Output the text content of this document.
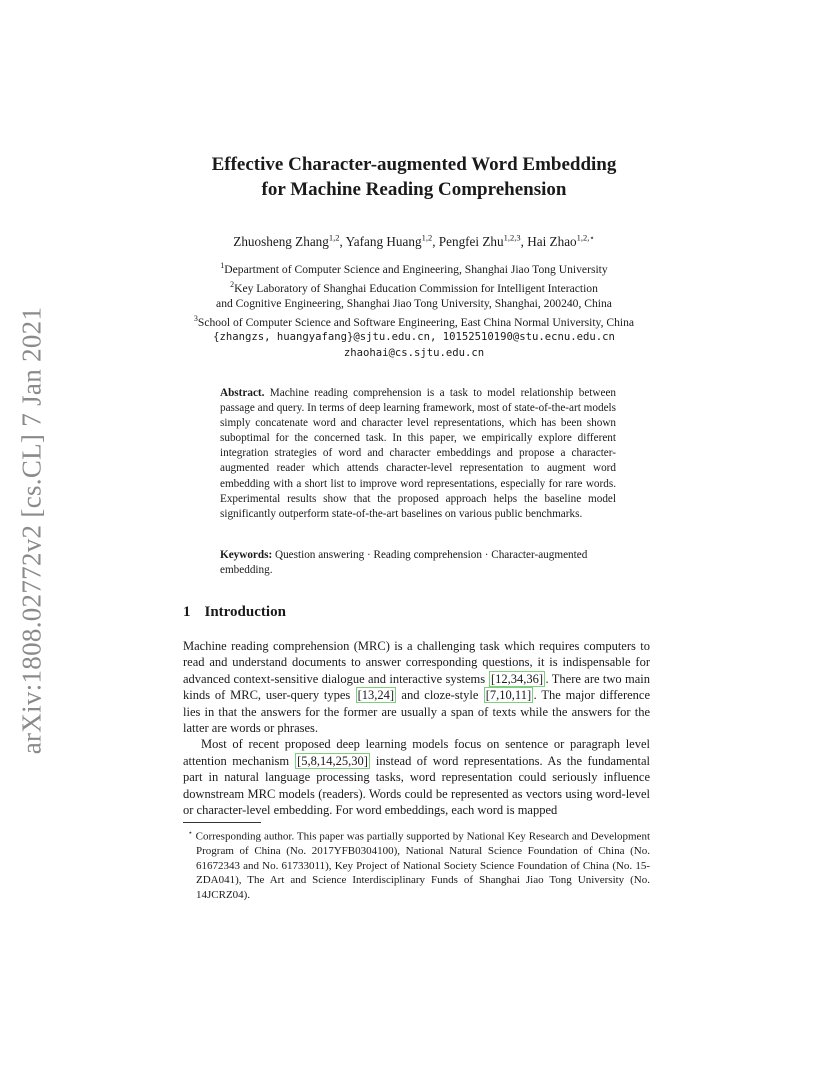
arXiv:1808.02772v2 [cs.CL] 7 Jan 2021
Effective Character-augmented Word Embedding
for Machine Reading Comprehension
Zhuosheng Zhang$^{1,2}$, Yafang Huang$^{1,2}$, Pengfei Zhu$^{1,2,3}$, Hai Zhao$^{1,2,⋆}$
$^1$Department of Computer Science and Engineering, Shanghai Jiao Tong University
$^2$Key Laboratory of Shanghai Education Commission for Intelligent Interaction
and Cognitive Engineering, Shanghai Jiao Tong University, Shanghai, 200240, China
$^3$School of Computer Science and Software Engineering, East China Normal University, China
{zhangzs, huangyafang}@sjtu.edu.cn, 10152510190@stu.ecnu.edu.cn
zhaohai@cs.sjtu.edu.cn
Abstract. Machine reading comprehension is a task to model relationship between passage and query. In terms of deep learning framework, most of state-of-the-art models simply concatenate word and character level representations, which has been shown suboptimal for the concerned task. In this paper, we empirically explore different integration strategies of word and character embeddings and propose a character-augmented reader which attends character-level representation to augment word embedding with a short list to improve word representations, especially for rare words. Experimental results show that the proposed approach helps the baseline model significantly outperform state-of-the-art baselines on various public benchmarks.
Keywords: Question answering · Reading comprehension · Character-augmented embedding.
1 Introduction

Machine reading comprehension (MRC) is a challenging task which requires computers to read and understand documents to answer corresponding questions, it is indispensable for advanced context-sensitive dialogue and interactive systems [12,34,36] . There are two main kinds of MRC, user-query types [13,24] and cloze-style [7,10,11] . The major difference lies in that the answers for the former are usually a span of texts while the answers for the latter are words or phrases.

Most of recent proposed deep learning models focus on sentence or paragraph level attention mechanism [5,8,14,25,30] instead of word representations. As the fundamental part in natural language processing tasks, word representation could seriously influence downstream MRC models (readers). Words could be represented as vectors using word-level or character-level embedding. For word embeddings, each word is mapped

⋆ Corresponding author. This paper was partially supported by National Key Research and Development Program of China (No. 2017YFB0304100), National Natural Science Foundation of China (No. 61672343 and No. 61733011), Key Project of National Society Science Foundation of China (No. 15-ZDA041), The Art and Science Interdisciplinary Funds of Shanghai Jiao Tong University (No. 14JCRZ04).
